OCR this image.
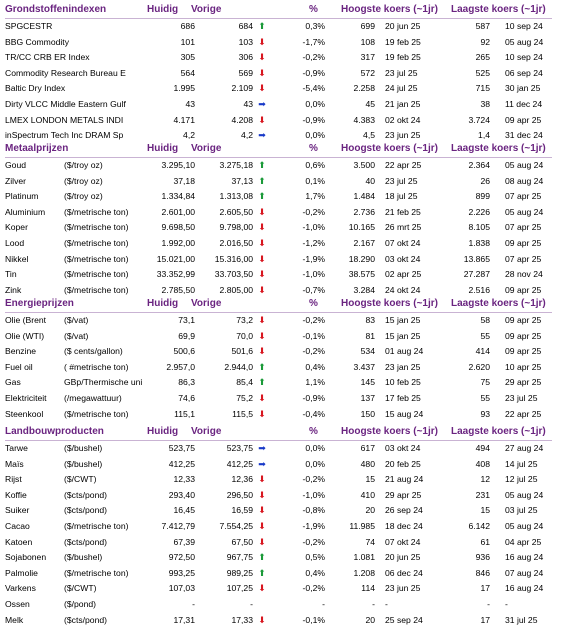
Grondstoffenindexen	Huidig Vorige	% Hoogste koers (~1jr) Laagste koers (~1jr)
SPGCESTR	686	684 ⬆	0,3%	699 20 jun 25	587 10 sep 24
BBG Commodity	101	103 ⬇	-1,7%	108 19 feb 25	92 05 aug 24
TR/CC CRB ER Index	305	306 ⬇	-0,2%	317 19 feb 25	265 10 sep 24
Commodity Research Bureau E	564	569 ⬇	-0,9%	572 23 jul 25	525 06 sep 24
Baltic Dry Index	1.995	2.109 ⬇	-5,4%	2.258 24 jul 25	715 30 jan 25
Dirty VLCC Middle Eastern Gulf	43	43 ➡	0,0%	45 21 jan 25	38 11 dec 24
LMEX LONDON METALS INDI	4.171	4.208 ⬇	-0,9%	4.383 02 okt 24	3.724 09 apr 25
inSpectrum Tech Inc DRAM Sp	4,2	4,2 ➡	0,0%	4,5 23 jun 25	1,4 31 dec 24
Metaalprijzen	Huidig Vorige	% Hoogste koers (~1jr) Laagste koers (~1jr)
Goud	($/troy oz)	3.295,10	3.275,18 ⬆	0,6%	3.500 22 apr 25	2.364 05 aug 24
Zilver	($/troy oz)	37,18	37,13 ⬆	0,1%	40 23 jul 25	26 08 aug 24
Platinum	($/troy oz)	1.334,84	1.313,08 ⬆	1,7%	1.484 18 jul 25	899 07 apr 25
Aluminium	($/metrische ton)	2.601,00	2.605,50 ⬇	-0,2%	2.736 21 feb 25	2.226 05 aug 24
Koper	($/metrische ton)	9.698,50	9.798,00 ⬇	-1,0%	10.165 26 mrt 25	8.105 07 apr 25
Lood	($/metrische ton)	1.992,00	2.016,50 ⬇	-1,2%	2.167 07 okt 24	1.838 09 apr 25
Nikkel	($/metrische ton)	15.021,00	15.316,00 ⬇	-1,9%	18.290 03 okt 24	13.865 07 apr 25
Tin	($/metrische ton)	33.352,99	33.703,50 ⬇	-1,0%	38.575 02 apr 25	27.287 28 nov 24
Zink	($/metrische ton)	2.785,50	2.805,00 ⬇	-0,7%	3.284 24 okt 24	2.516 09 apr 25
Energieprijzen	Huidig Vorige	% Hoogste koers (~1jr) Laagste koers (~1jr)
Olie (Brent	($/vat)	73,1	73,2 ⬇	-0,2%	83 15 jan 25	58 09 apr 25
Olie (WTI)	($/vat)	69,9	70,0 ⬇	-0,1%	81 15 jan 25	55 09 apr 25
Benzine	($ cents/gallon)	500,6	501,6 ⬇	-0,2%	534 01 aug 24	414 09 apr 25
Fuel oil	( #metrische ton)	2.957,0	2.944,0 ⬆	0,4%	3.437 23 jan 25	2.620 10 apr 25
Gas	GBp/Thermische uni	86,3	85,4 ⬆	1,1%	145 10 feb 25	75 29 apr 25
Elektriciteit	(/megawattuur)	74,6	75,2 ⬇	-0,9%	137 17 feb 25	55 23 jul 25
Steenkool	($/metrische ton)	115,1	115,5 ⬇	-0,4%	150 15 aug 24	93 22 apr 25
Landbouwproducten	Huidig Vorige	% Hoogste koers (~1jr) Laagste koers (~1jr)
Tarwe	($/bushel)	523,75	523,75 ➡	0,0%	617 03 okt 24	494 27 aug 24
Maïs	($/bushel)	412,25	412,25 ➡	0,0%	480 20 feb 25	408 14 jul 25
Rijst	($/CWT)	12,33	12,36 ⬇	-0,2%	15 21 aug 24	12 12 jul 25
Koffie	($cts/pond)	293,40	296,50 ⬇	-1,0%	410 29 apr 25	231 05 aug 24
Suiker	($cts/pond)	16,45	16,59 ⬇	-0,8%	20 26 sep 24	15 03 jul 25
Cacao	($/metrische ton)	7.412,79	7.554,25 ⬇	-1,9%	11.985 18 dec 24	6.142 05 aug 24
Katoen	($cts/pond)	67,39	67,50 ⬇	-0,2%	74 07 okt 24	61 04 apr 25
Sojabonen	($/bushel)	972,50	967,75 ⬆	0,5%	1.081 20 jun 25	936 16 aug 24
Palmolie	($/metrische ton)	993,25	989,25 ⬆	0,4%	1.208 06 dec 24	846 07 aug 24
Varkens	($/CWT)	107,03	107,25 ⬇	-0,2%	114 23 jun 25	17 16 aug 24
Ossen	($/pond)	-	-	-	- -	- -
Melk	($cts/pond)	17,31	17,33 ⬇	-0,1%	20 25 sep 24	17 31 jul 25
